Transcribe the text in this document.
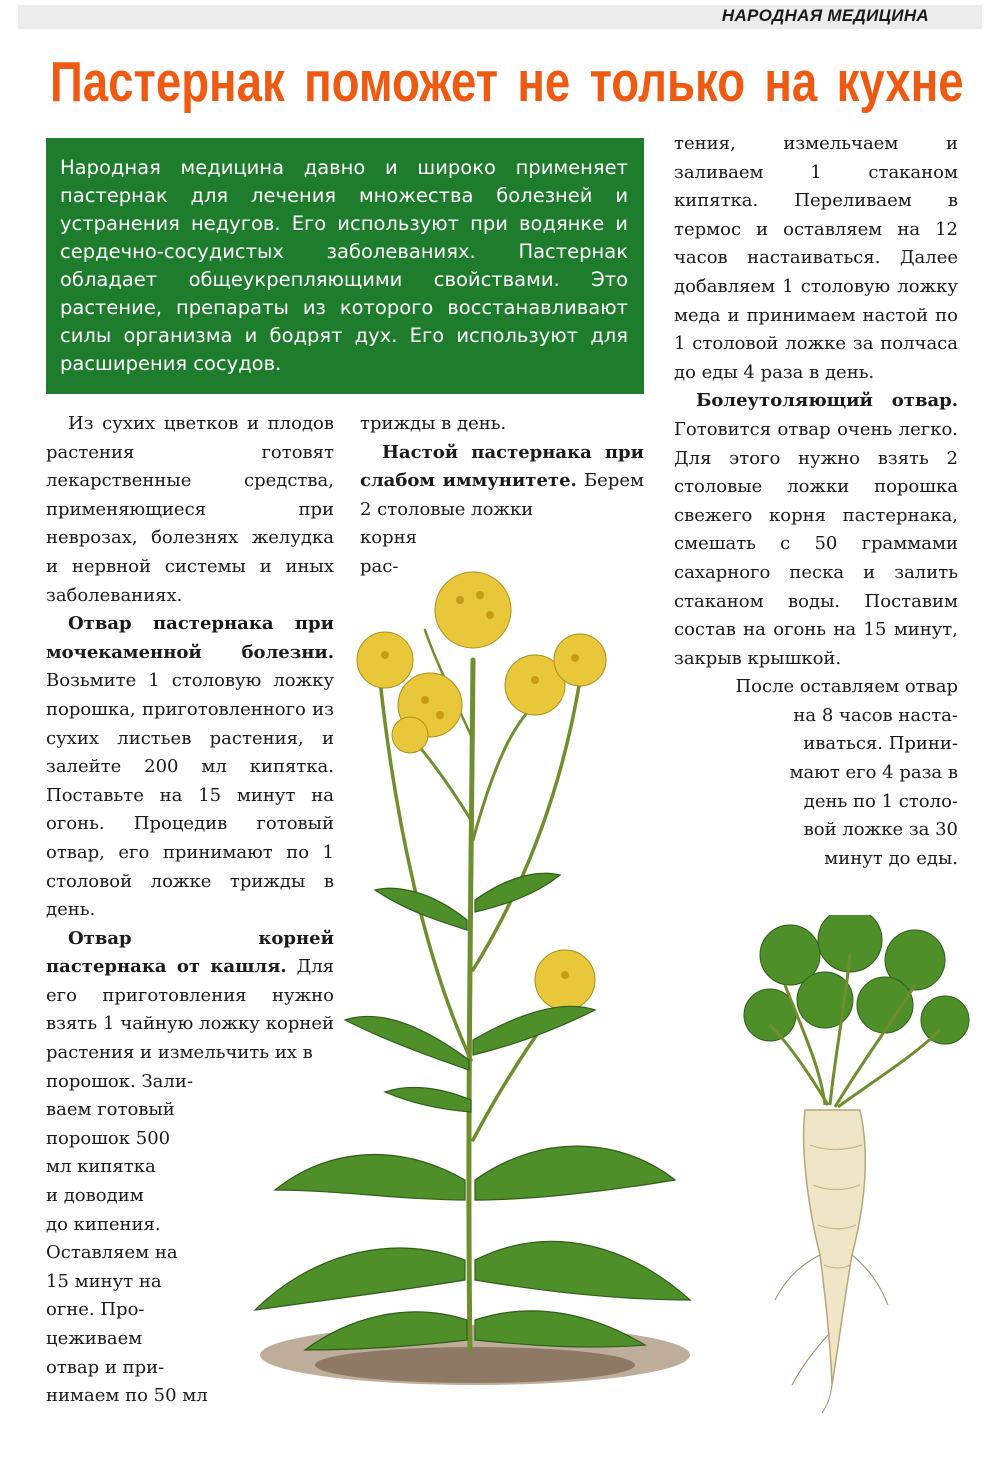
НАРОДНАЯ МЕДИЦИНА
Пастернак поможет не только на кухне

Народная медицина давно и широко применяет пастернак для лечения множества болезней и устранения недугов. Его используют при водянке и сердечно-сосудистых заболеваниях. Пастернак обладает общеукрепляющими свойствами. Это растение, препараты из которого восстанавливают силы организма и бодрят дух. Его используют для расширения сосудов.

Из сухих цветков и плодов растения готовят лекарственные средства, применяющиеся при неврозах, болезнях желудка и нервной системы и иных заболеваниях.

Отвар пастернака при мочекаменной болезни. Возьмите 1 столовую ложку порошка, приготовленного из сухих листьев растения, и залейте 200 мл кипятка. Поставьте на 15 минут на огонь. Процедив готовый отвар, его принимают по 1 столовой ложке трижды в день.

Отвар корней пастернака от кашля. Для его приготовления нужно взять 1 чайную ложку корней растения и измельчить их в

порошок. Зали-
ваем готовый
порошок 500
мл кипятка
и доводим
до кипения.
Оставляем на
15 минут на
огне. Про-
цеживаем
отвар и при-
нимаем по 50 мл

трижды в день.

Настой пастернака при слабом иммунитете. Берем 2 столовые ложки

корня
рас-

тения, измельчаем и заливаем 1 стаканом кипятка. Переливаем в термос и оставляем на 12 часов настаиваться. Далее добавляем 1 столовую ложку меда и принимаем настой по 1 столовой ложке за полчаса до еды 4 раза в день.

Болеутоляющий отвар. Готовится отвар очень легко. Для этого нужно взять 2 столовые ложки порошка свежего корня пастернака, смешать с 50 граммами сахарного песка и залить стаканом воды. Поставим состав на огонь на 15 минут, закрыв крышкой.

После оставляем отвар
на 8 часов наста-
иваться. Прини-
мают его 4 раза в
день по 1 столо-
вой ложке за 30
минут до еды.
